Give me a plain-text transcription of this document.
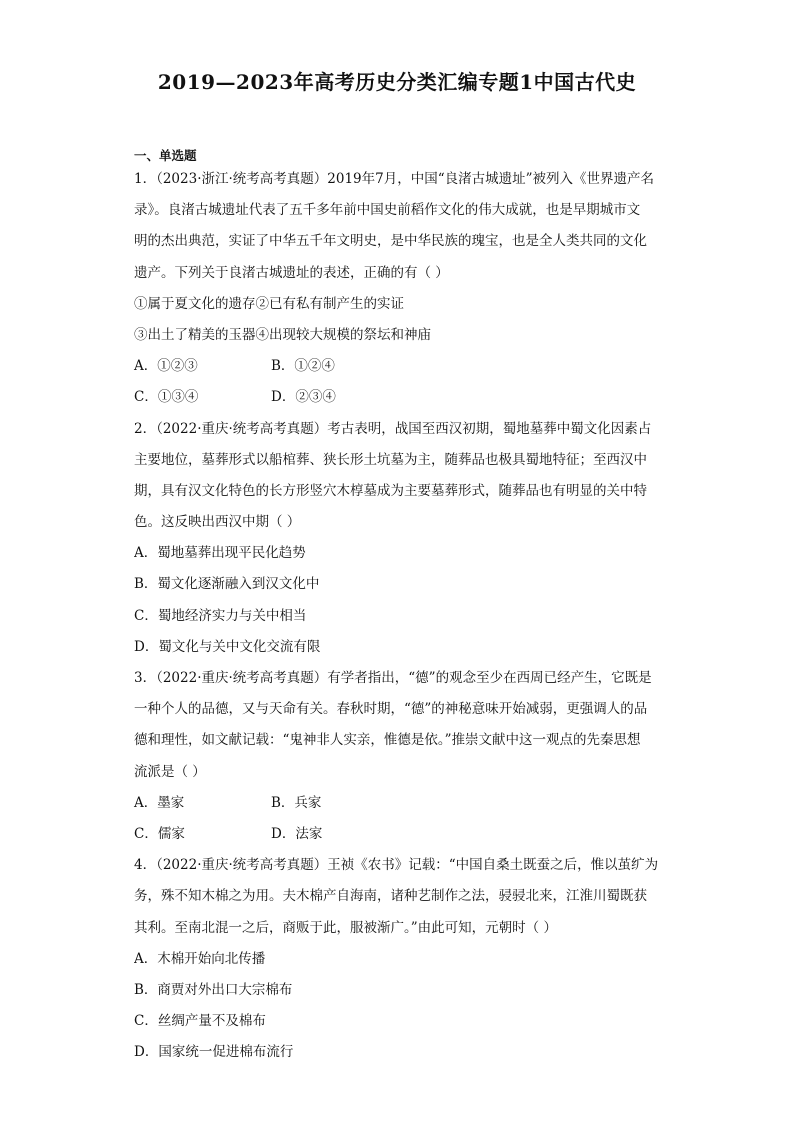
2019—2023年高考历史分类汇编专题1中国古代史
一、单选题
1．（2023·浙江·统考高考真题）2019年7月，中国“良渚古城遗址”被列入《世界遗产名
录》。良渚古城遗址代表了五千多年前中国史前稻作文化的伟大成就，也是早期城市文
明的杰出典范，实证了中华五千年文明史，是中华民族的瑰宝，也是全人类共同的文化
遗产。下列关于良渚古城遗址的表述，正确的有（ ）
①属于夏文化的遗存②已有私有制产生的实证
③出土了精美的玉器④出现较大规模的祭坛和神庙
A．①②③	B．①②④
C．①③④	D．②③④
2．（2022·重庆·统考高考真题）考古表明，战国至西汉初期，蜀地墓葬中蜀文化因素占
主要地位，墓葬形式以船棺葬、狭长形土坑墓为主，随葬品也极具蜀地特征；至西汉中
期，具有汉文化特色的长方形竖穴木椁墓成为主要墓葬形式，随葬品也有明显的关中特
色。这反映出西汉中期（ ）
A．蜀地墓葬出现平民化趋势
B．蜀文化逐渐融入到汉文化中
C．蜀地经济实力与关中相当
D．蜀文化与关中文化交流有限
3．（2022·重庆·统考高考真题）有学者指出，“德”的观念至少在西周已经产生，它既是
一种个人的品德，又与天命有关。春秋时期，“德”的神秘意味开始减弱，更强调人的品
德和理性，如文献记载：“鬼神非人实亲，惟德是依。”推崇文献中这一观点的先秦思想
流派是（ ）
A．墨家	B．兵家
C．儒家	D．法家
4．（2022·重庆·统考高考真题）王祯《农书》记载：“中国自桑土既蚕之后，惟以茧纩为
务，殊不知木棉之为用。夫木棉产自海南，诸种艺制作之法，骎骎北来，江淮川蜀既获
其利。至南北混一之后，商贩于此，服被渐广。”由此可知，元朝时（ ）
A．木棉开始向北传播
B．商贾对外出口大宗棉布
C．丝绸产量不及棉布
D．国家统一促进棉布流行
